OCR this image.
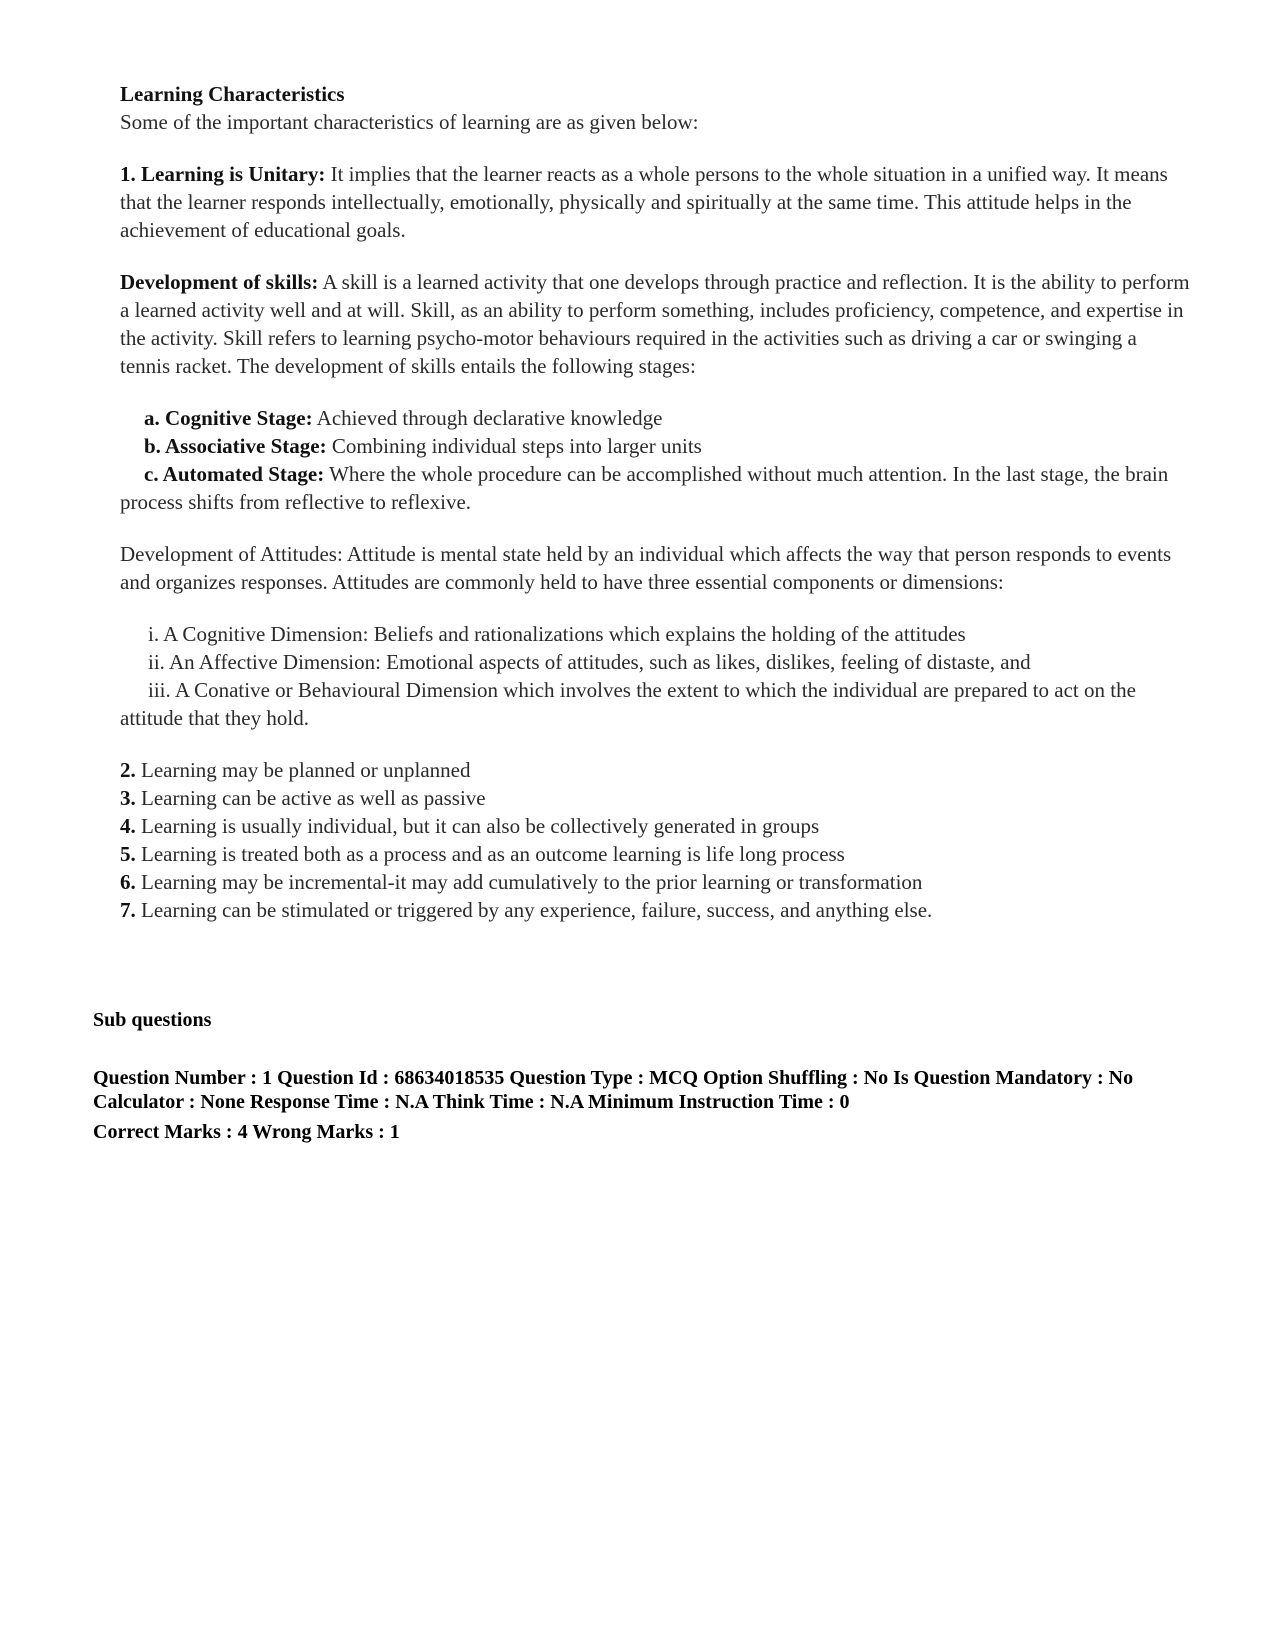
Learning Characteristics

Some of the important characteristics of learning are as given below:

1. Learning is Unitary: It implies that the learner reacts as a whole persons to the whole situation in a unified way. It means that the learner responds intellectually, emotionally, physically and spiritually at the same time. This attitude helps in the achievement of educational goals.

Development of skills: A skill is a learned activity that one develops through practice and reflection. It is the ability to perform a learned activity well and at will. Skill, as an ability to perform something, includes proficiency, competence, and expertise in the activity. Skill refers to learning psycho-motor behaviours required in the activities such as driving a car or swinging a tennis racket. The development of skills entails the following stages:

a. Cognitive Stage: Achieved through declarative knowledge
b. Associative Stage: Combining individual steps into larger units
c. Automated Stage: Where the whole procedure can be accomplished without much attention. In the last stage, the brain process shifts from reflective to reflexive.

Development of Attitudes: Attitude is mental state held by an individual which affects the way that person responds to events and organizes responses. Attitudes are commonly held to have three essential components or dimensions:

i. A Cognitive Dimension: Beliefs and rationalizations which explains the holding of the attitudes
ii. An Affective Dimension: Emotional aspects of attitudes, such as likes, dislikes, feeling of distaste, and
iii. A Conative or Behavioural Dimension which involves the extent to which the individual are prepared to act on the attitude that they hold.
2. Learning may be planned or unplanned
3. Learning can be active as well as passive
4. Learning is usually individual, but it can also be collectively generated in groups
5. Learning is treated both as a process and as an outcome learning is life long process
6. Learning may be incremental-it may add cumulatively to the prior learning or transformation
7. Learning can be stimulated or triggered by any experience, failure, success, and anything else.
Sub questions
Question Number : 1 Question Id : 68634018535 Question Type : MCQ Option Shuffling : No Is Question Mandatory : No Calculator : None Response Time : N.A Think Time : N.A Minimum Instruction Time : 0
Correct Marks : 4 Wrong Marks : 1
